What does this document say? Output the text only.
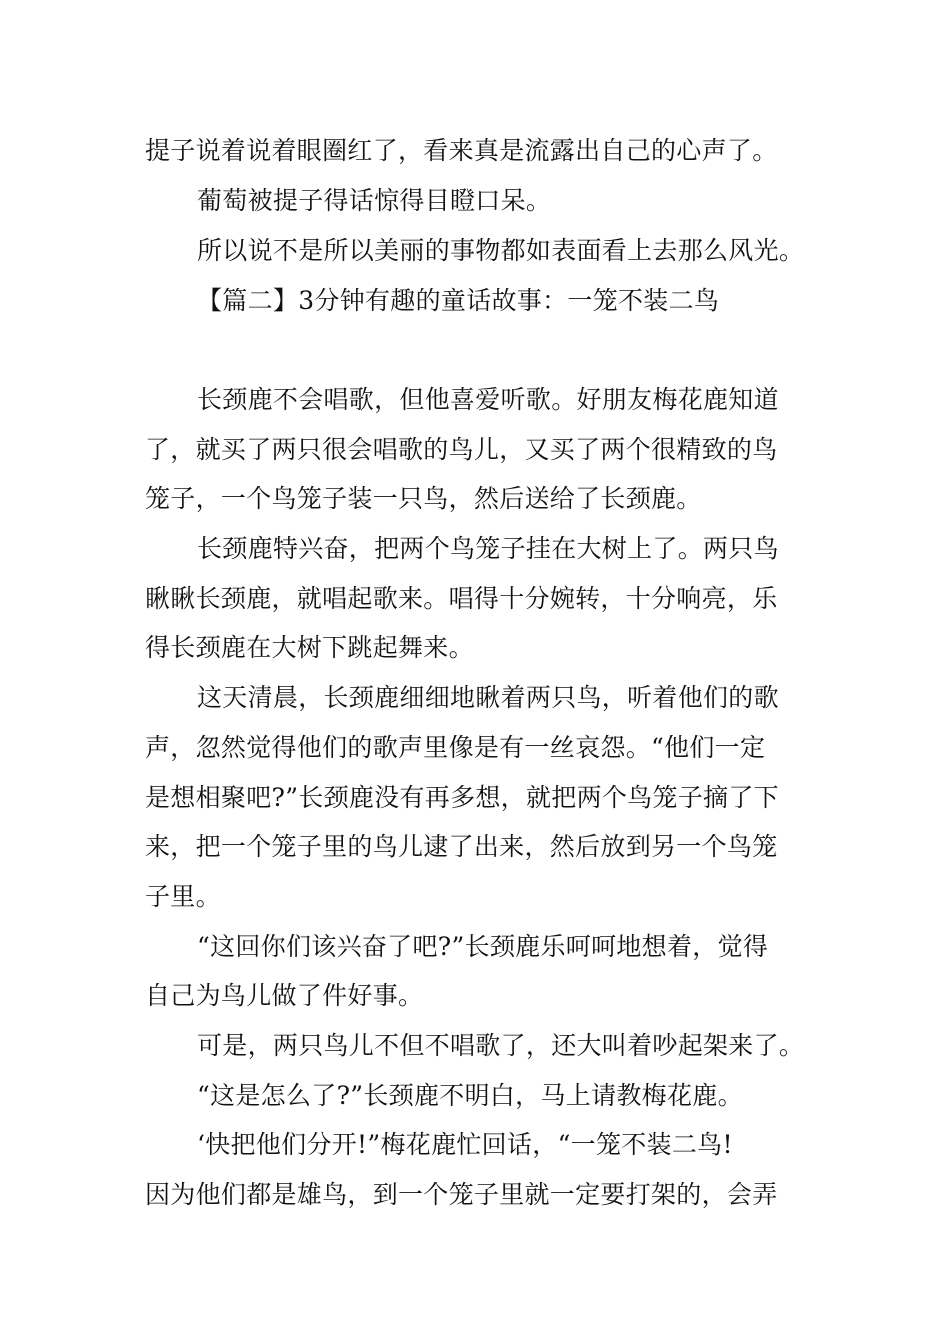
提子说着说着眼圈红了，看来真是流露出自己的心声了。
葡萄被提子得话惊得目瞪口呆。
所以说不是所以美丽的事物都如表面看上去那么风光。
【篇二】3分钟有趣的童话故事：一笼不装二鸟
长颈鹿不会唱歌，但他喜爱听歌。好朋友梅花鹿知道
了，就买了两只很会唱歌的鸟儿，又买了两个很精致的鸟
笼子，一个鸟笼子装一只鸟，然后送给了长颈鹿。
长颈鹿特兴奋，把两个鸟笼子挂在大树上了。两只鸟
瞅瞅长颈鹿，就唱起歌来。唱得十分婉转，十分响亮，乐
得长颈鹿在大树下跳起舞来。
这天清晨，长颈鹿细细地瞅着两只鸟，听着他们的歌
声，忽然觉得他们的歌声里像是有一丝哀怨。“他们一定
是想相聚吧?”长颈鹿没有再多想，就把两个鸟笼子摘了下
来，把一个笼子里的鸟儿逮了出来，然后放到另一个鸟笼
子里。
“这回你们该兴奋了吧?”长颈鹿乐呵呵地想着，觉得
自己为鸟儿做了件好事。
可是，两只鸟儿不但不唱歌了，还大叫着吵起架来了。
“这是怎么了?”长颈鹿不明白，马上请教梅花鹿。
‘快把他们分开!”梅花鹿忙回话，“一笼不装二鸟!
因为他们都是雄鸟，到一个笼子里就一定要打架的，会弄
